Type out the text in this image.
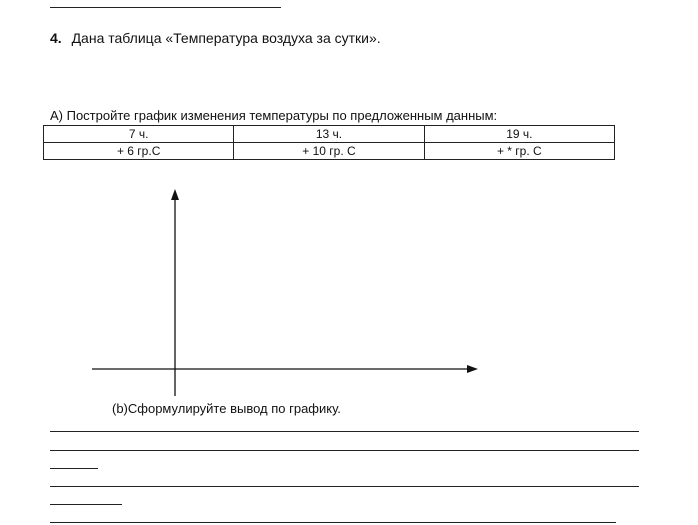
4. Дана таблица «Температура воздуха за сутки».
А) Постройте график изменения температуры по предложенным данным:
7 ч.	13 ч.	19 ч.
+ 6 гр.С	+ 10 гр. С	+ * гр. С
(b)Сформулируйте вывод по графику.
